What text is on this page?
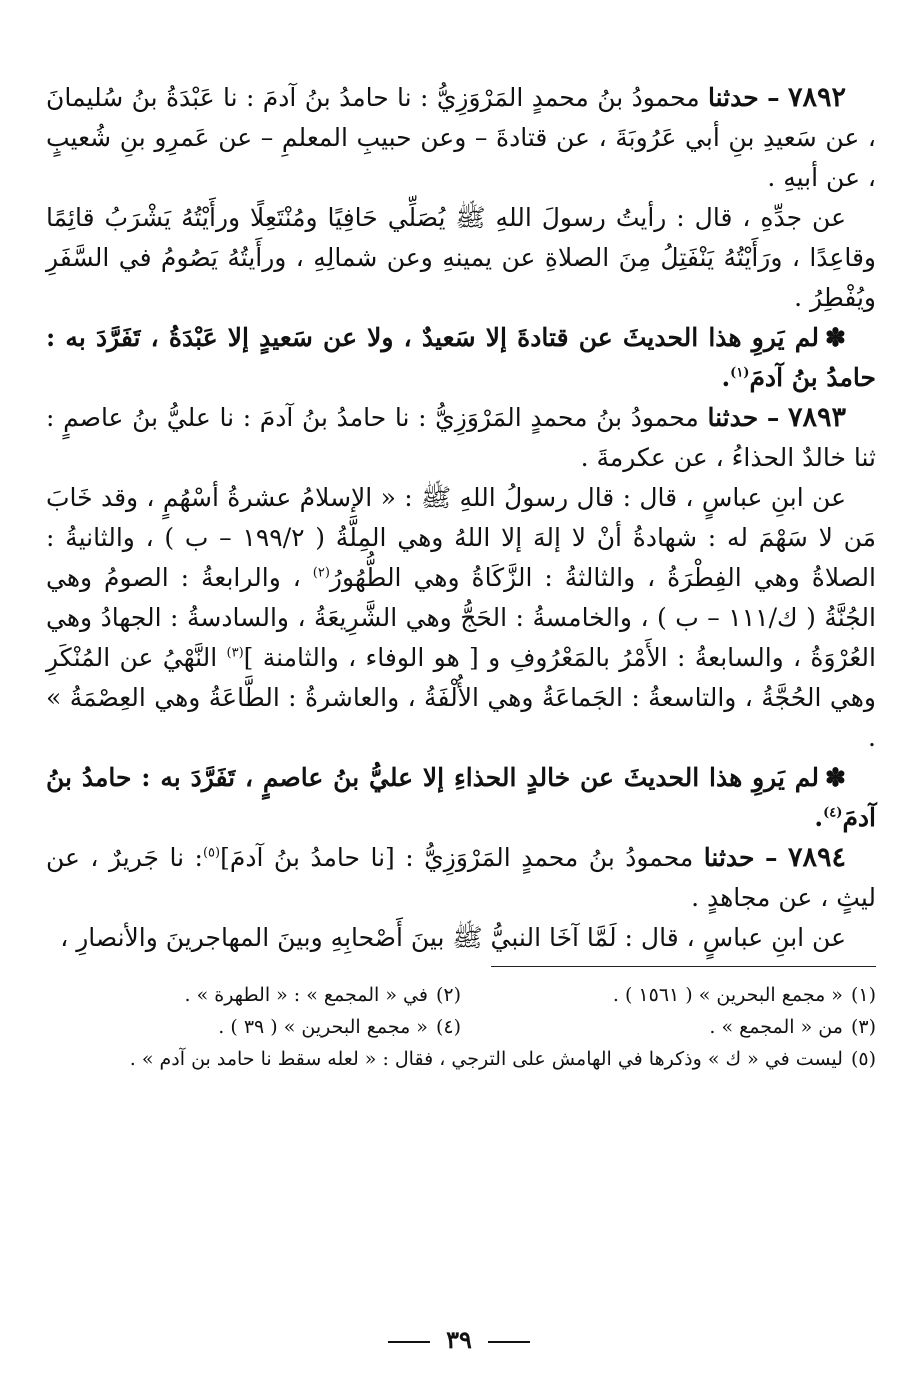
٧٨٩٢ – حدثنا محمودُ بنُ محمدٍ المَرْوَزِيُّ : نا حامدُ بنُ آدمَ : نا عَبْدَةُ بنُ سُليمانَ ، عن سَعيدِ بنِ أبي عَرُوبَةَ ، عن قتادةَ – وعن حبيبِ المعلمِ – عن عَمرِو بنِ شُعيبٍ ، عن أبيهِ .

عن جدِّهِ ، قال : رأيتُ رسولَ اللهِ ﷺ يُصَلِّي حَافِيًا ومُنْتَعِلًا ورأَيْتُهُ يَشْرَبُ قائِمًا وقاعِدًا ، ورَأَيْتُهُ يَنْفَتِلُ مِنَ الصلاةِ عن يمينهِ وعن شمالِهِ ، ورأَيتُهُ يَصُومُ في السَّفَرِ ويُفْطِرُ .

✽لم يَروِ هذا الحديثَ عن قتادةَ إلا سَعيدٌ ، ولا عن سَعيدٍ إلا عَبْدَةُ ، تَفَرَّدَ به : حامدُ بنُ آدمَ$^{(١)}$.

٧٨٩٣ – حدثنا محمودُ بنُ محمدٍ المَرْوَزِيُّ : نا حامدُ بنُ آدمَ : نا عليُّ بنُ عاصمٍ : ثنا خالدٌ الحذاءُ ، عن عكرمةَ .

عن ابنِ عباسٍ ، قال : قال رسولُ اللهِ ﷺ : « الإسلامُ عشرةُ أسْهُمٍ ، وقد خَابَ مَن لا سَهْمَ له : شهادةُ أنْ لا إلهَ إلا اللهُ وهي المِلَّةُ ( ١٩٩/٢ – ب ) ، والثانيةُ : الصلاةُ وهي الفِطْرَةُ ، والثالثةُ : الزَّكَاةُ وهي الطُّهُورُ$^{(٢)}$ ، والرابعةُ : الصومُ وهي الجُنَّةُ ( ك/١١١ – ب ) ، والخامسةُ : الحَجُّ وهي الشَّرِيعَةُ ، والسادسةُ : الجهادُ وهي العُرْوَةُ ، والسابعةُ : الأَمْرُ بالمَعْرُوفِ و [ هو الوفاء ، والثامنة ]$^{(٣)}$ النَّهْيُ عن المُنْكَرِ وهي الحُجَّةُ ، والتاسعةُ : الجَماعَةُ وهي الأُلْفَةُ ، والعاشرةُ : الطَّاعَةُ وهي العِصْمَةُ » .

✽لم يَروِ هذا الحديثَ عن خالدٍ الحذاءِ إلا عليُّ بنُ عاصمٍ ، تَفَرَّدَ به : حامدُ بنُ آدمَ$^{(٤)}$.

٧٨٩٤ – حدثنا محمودُ بنُ محمدٍ المَرْوَزِيُّ : [نا حامدُ بنُ آدمَ]$^{(٥)}$: نا جَريرٌ ، عن ليثٍ ، عن مجاهدٍ .

عن ابنِ عباسٍ ، قال : لَمَّا آخَا النبيُّ ﷺ بينَ أَصْحابِهِ وبينَ المهاجرينَ والأنصارِ ،

(١)« مجمع البحرين » ( ١٥٦١ ) .
(٢)في « المجمع » : « الطهرة » .
(٣)من « المجمع » .
(٤)« مجمع البحرين » ( ٣٩ ) .
(٥)ليست في « ك » وذكرها في الهامش على الترجي ، فقال : « لعله سقط نا حامد بن آدم » .
٣٩
